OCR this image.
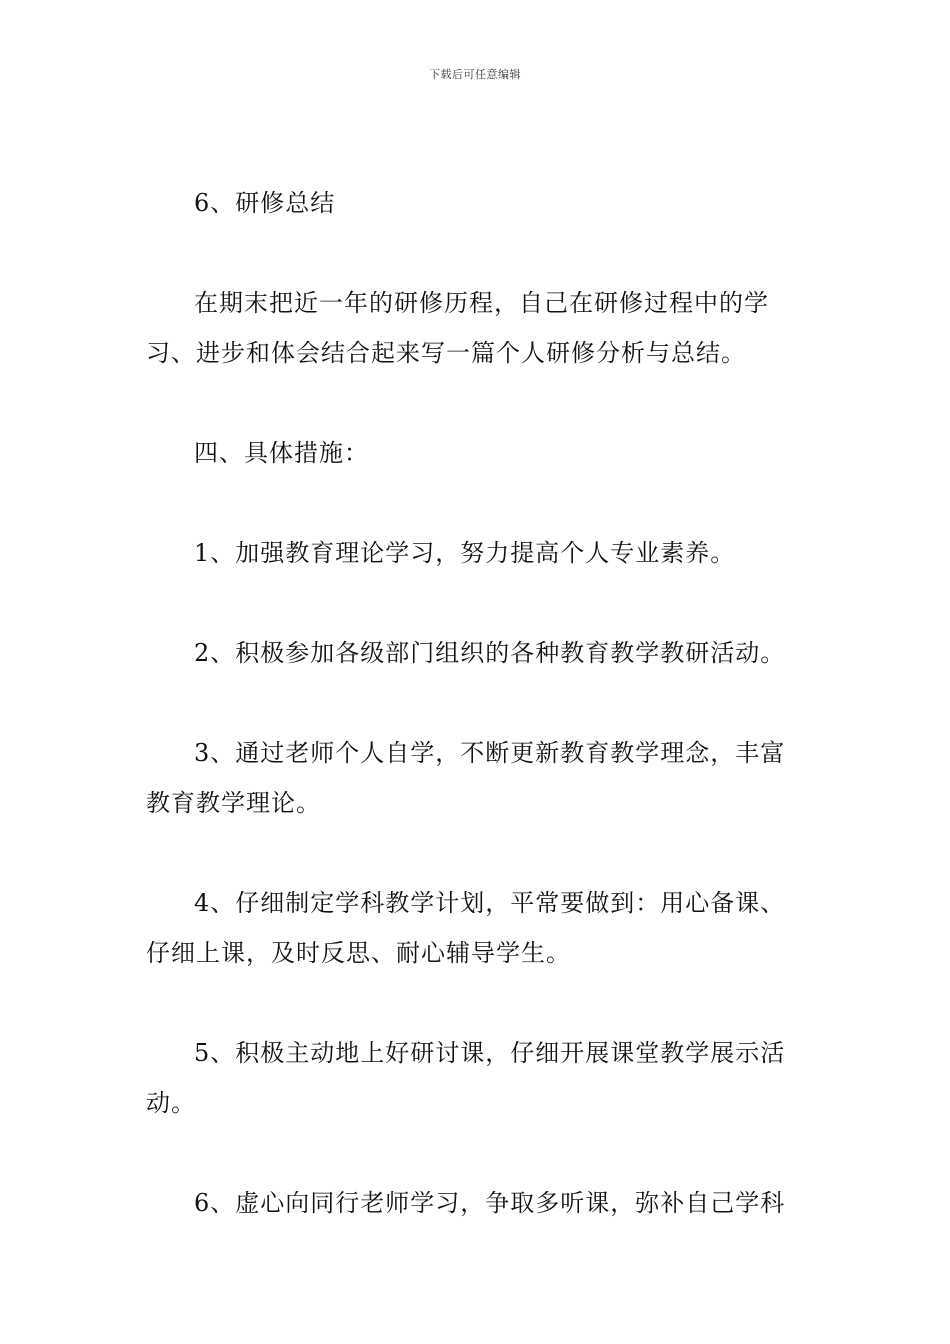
下载后可任意编辑

6、研修总结

在期末把近一年的研修历程，自己在研修过程中的学习、进步和体会结合起来写一篇个人研修分析与总结。

四、具体措施：

1、加强教育理论学习，努力提高个人专业素养。

2、积极参加各级部门组织的各种教育教学教研活动。

3、通过老师个人自学，不断更新教育教学理念，丰富教育教学理论。

4、仔细制定学科教学计划，平常要做到：用心备课、仔细上课，及时反思、耐心辅导学生。

5、积极主动地上好研讨课，仔细开展课堂教学展示活动。

6、虚心向同行老师学习，争取多听课，弥补自己学科
